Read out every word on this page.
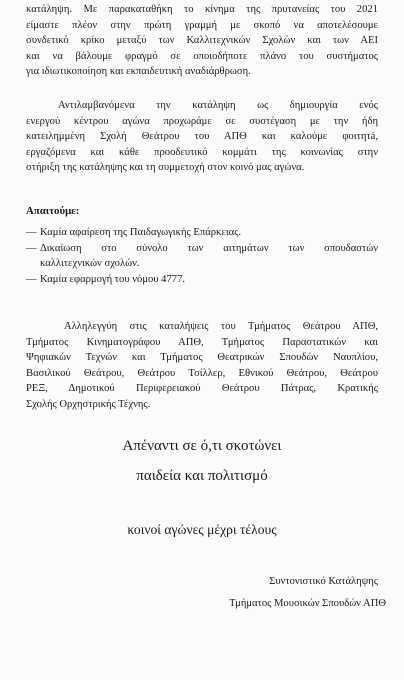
κατάληψη. Με παρακαταθήκη το κίνημα της πρυτανείας του 2021
είμαστε πλέον στην πρώτη γραμμή με σκοπό να αποτελέσουμε
συνδετικό κρίκο μεταξύ των Καλλιτεχνικών Σχολών και των ΑΕΙ
και να βάλουμε φραγμό σε οποιοδήποτε πλάνο του συστήματος
για ιδιωτικοποίηση και εκπαιδευτική αναδιάρθρωση.
Αντιλαμβανόμενα την κατάληψη ως δημιουργία ενός
ενεργού κέντρου αγώνα προχωράμε σε συστέγαση με την ήδη
κατειλημμένη Σχολή Θεάτρου του ΑΠΘ και καλούμε φοιτητá,
εργαζόμενα και κάθε προοδευτικό κομμάτι της κοινωνίας στην
στήριξη της κατάληψης και τη συμμετοχή στον κοινό μας αγώνα.

Απαιτούμε:

— Καμία αφαίρεση της Παιδαγωγικής Επάρκειας.
— Δικαίωση στο σύνολο των αιτημάτων των σπουδαστών
καλλιτεχνικών σχολών.
— Καμία εφαρμογή του νόμου 4777.
Αλληλεγγύη στις καταλήψεις του Τμήματος Θεάτρου ΑΠΘ,
Τμήματος Κινηματογράφου ΑΠΘ, Τμήματος Παραστατικών και
Ψηφιακών Τεχνών και Τμήματος Θεατρικών Σπουδών Ναυπλίου,
Βασιλικού Θεάτρου, Θεάτρου Τσίλλερ, Εθνικού Θεάτρου, Θεάτρου
ΡΕΞ, Δημοτικού Περιφερειακού Θεάτρου Πάτρας, Κρατικής
Σχολής Ορχηστρικής Τέχνης.

Απέναντι σε ό,τι σκοτώνει

παιδεία και πολιτισμό

κοινοί αγώνες μέχρι τέλους

Συντονιστικό Κατάληψης

Τμήματος Μουσικών Σπουδών ΑΠΘ
